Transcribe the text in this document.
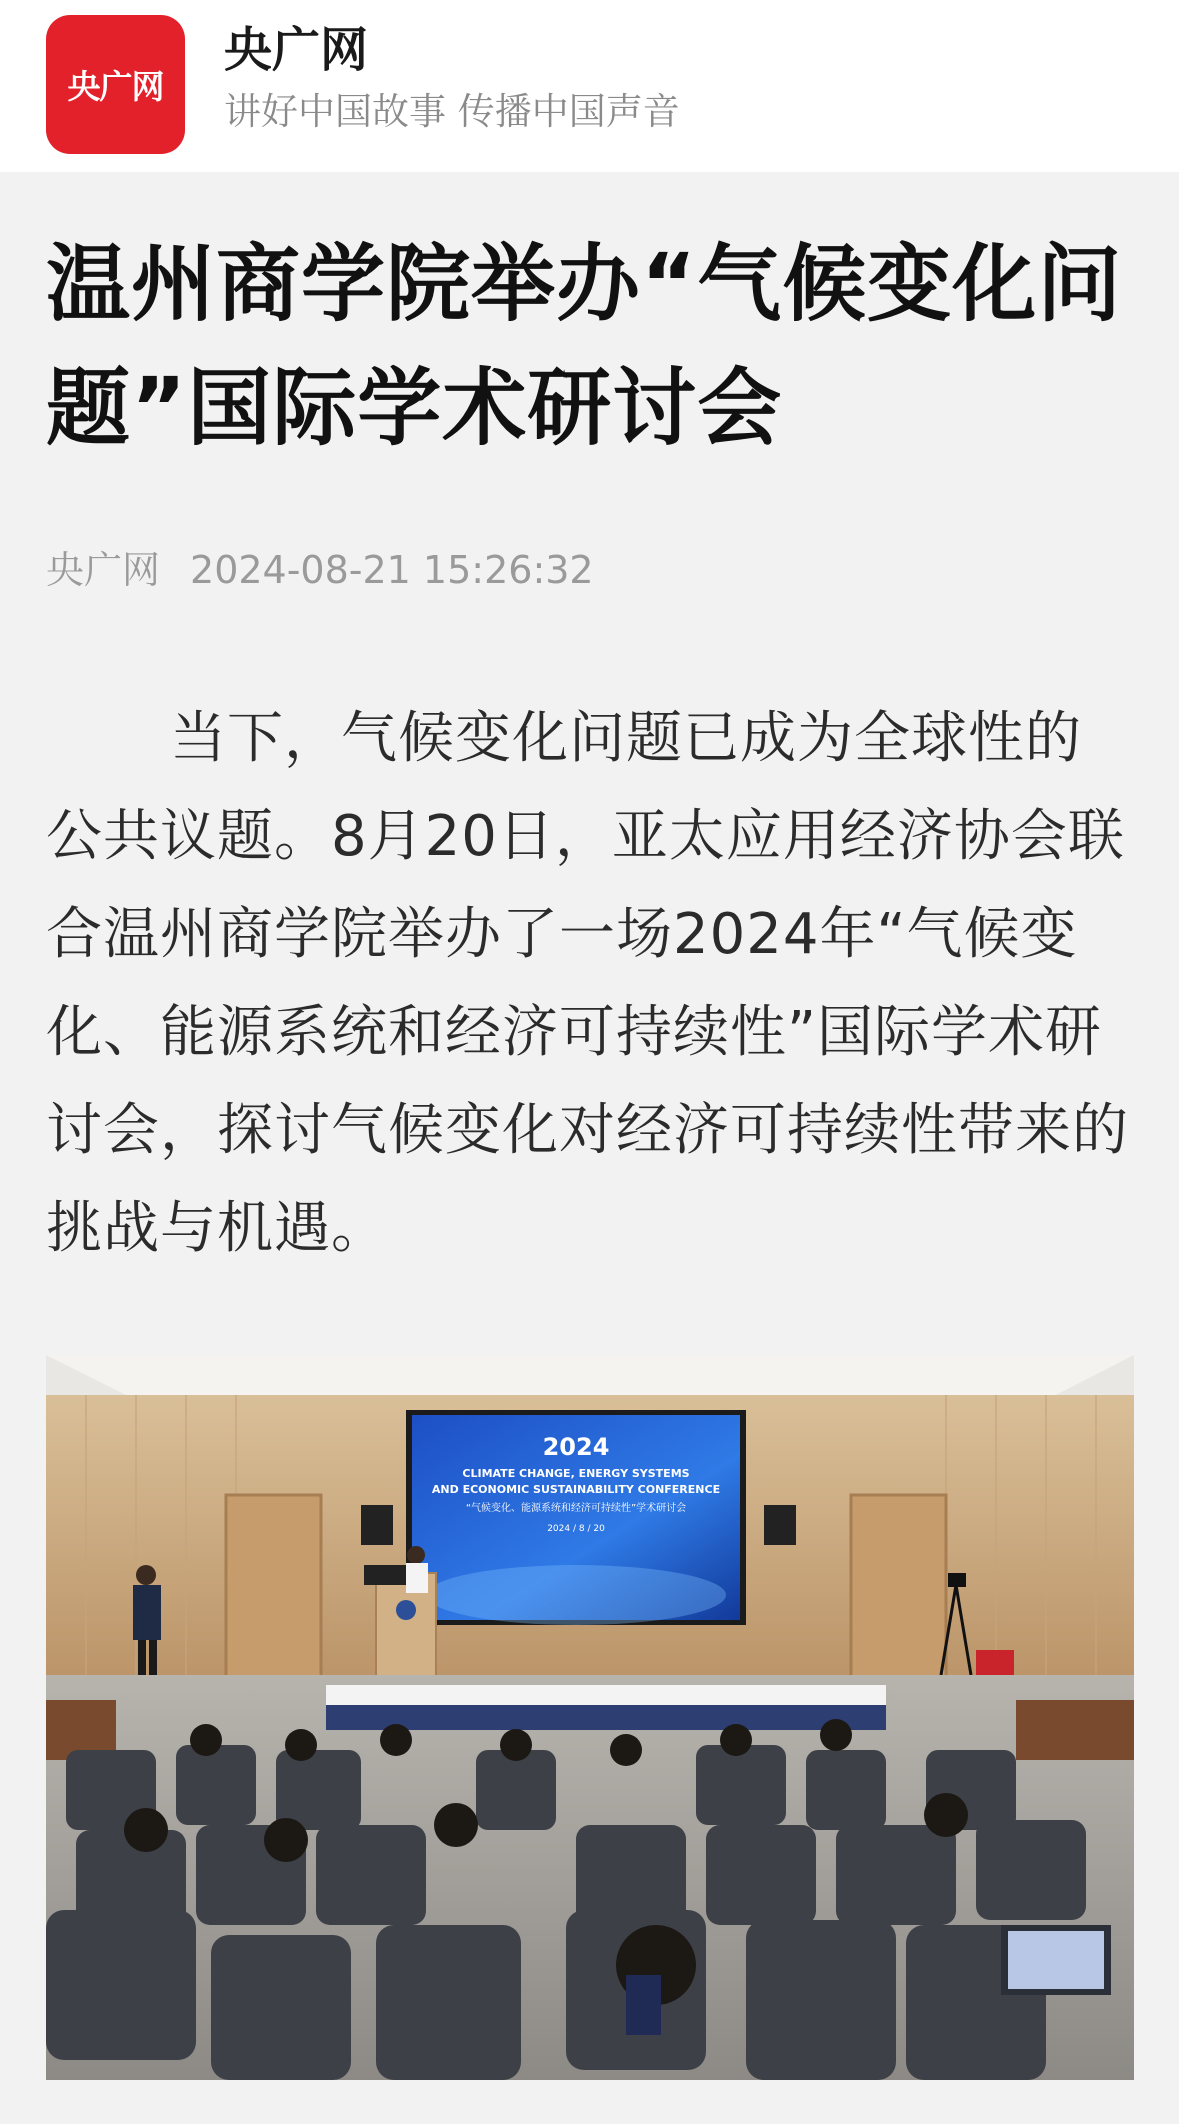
央广网
央广网
讲好中国故事 传播中国声音
温州商学院举办“气候变化问题”国际学术研讨会
央广网 2024-08-21 15:26:32

当下，气候变化问题已成为全球性的公共议题。8月20日，亚太应用经济协会联合温州商学院举办了一场2024年“气候变化、能源系统和经济可持续性”国际学术研讨会，探讨气候变化对经济可持续性带来的挑战与机遇。

2024
CLIMATE CHANGE, ENERGY SYSTEMS
AND ECONOMIC SUSTAINABILITY CONFERENCE
“气候变化、能源系统和经济可持续性”学术研讨会
2024 / 8 / 20
